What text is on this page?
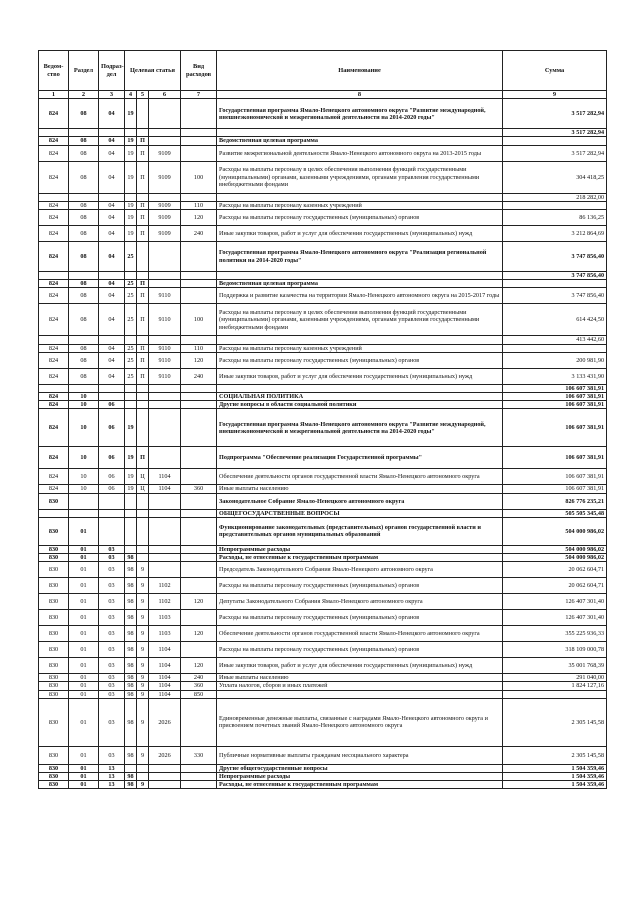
Ведом-ство	Раздел	Подраз-дел	Целевая статья			Вид расходов	Наименование	Сумма
1	2	3	4	5	6	7	8	9
824	08	04	19				Государственная программа Ямало-Ненецкого автономного округа "Развитие международной, внешнеэкономической и межрегиональной деятельности на 2014-2020 годы"	3 517 282,94
								3 517 282,94
824	08	04	19	П			Ведомственная целевая программа	
824	08	04	19	П	9109		Развитие межрегиональной деятельности Ямало-Ненецкого автономного округа на 2013-2015 годы	3 517 282,94
824	08	04	19	П	9109	100	Расходы на выплаты персоналу в целях обеспечения выполнения функций государственными (муниципальными) органами, казенными учреждениями, органами управления государственными внебюджетными фондами	304 418,25
								218 282,00
824	08	04	19	П	9109	110	Расходы на выплаты персоналу казенных учреждений	
824	08	04	19	П	9109	120	Расходы на выплаты персоналу государственных (муниципальных) органов	86 136,25
824	08	04	19	П	9109	240	Иные закупки товаров, работ и услуг для обеспечения государственных (муниципальных) нужд	3 212 864,69
824	08	04	25				Государственная программа Ямало-Ненецкого автономного округа "Реализация региональной политики на 2014-2020 годы"	3 747 856,40
								3 747 856,40
824	08	04	25	П			Ведомственная целевая программа	
824	08	04	25	П	9110		Поддержка и развитие казачества на территории Ямало-Ненецкого автономного округа на 2015-2017 годы	3 747 856,40
824	08	04	25	П	9110	100	Расходы на выплаты персоналу в целях обеспечения выполнения функций государственными (муниципальными) органами, казенными учреждениями, органами управления государственными внебюджетными фондами	614 424,50
								413 442,60
824	08	04	25	П	9110	110	Расходы на выплаты персоналу казенных учреждений	
824	08	04	25	П	9110	120	Расходы на выплаты персоналу государственных (муниципальных) органов	200 981,90
824	08	04	25	П	9110	240	Иные закупки товаров, работ и услуг для обеспечения государственных (муниципальных) нужд	3 133 431,90
								106 607 381,91
824	10						СОЦИАЛЬНАЯ ПОЛИТИКА	106 607 381,91
824	10	06					Другие вопросы в области социальной политики	106 607 381,91
824	10	06	19				Государственная программа Ямало-Ненецкого автономного округа "Развитие международной, внешнеэкономической и межрегиональной деятельности на 2014-2020 годы"	106 607 381,91
824	10	06	19	П			Подпрограмма "Обеспечение реализации Государственной программы"	106 607 381,91
824	10	06	19	Ц	1104		Обеспечение деятельности органов государственной власти Ямало-Ненецкого автономного округа	106 607 381,91
824	10	06	19	Ц	1104	360	Иные выплаты населению	106 607 381,91
830							Законодательное Собрание Ямало-Ненецкого автономного округа	826 776 235,21
							ОБЩЕГОСУДАРСТВЕННЫЕ ВОПРОСЫ	505 505 345,48
830	01						Функционирование законодательных (представительных) органов государственной власти и представительных органов муниципальных образований	504 000 986,02
830	01	03					Непрограммные расходы	504 000 986,02
830	01	03	98				Расходы, не отнесенные к государственным программам	504 000 986,02
830	01	03	98	9			Председатель Законодательного Собрания Ямало-Ненецкого автономного округа	20 062 604,71
830	01	03	98	9	1102		Расходы на выплаты персоналу государственных (муниципальных) органов	20 062 604,71
830	01	03	98	9	1102	120	Депутаты Законодательного Собрания Ямало-Ненецкого автономного округа	126 407 301,40
830	01	03	98	9	1103		Расходы на выплаты персоналу государственных (муниципальных) органов	126 407 301,40
830	01	03	98	9	1103	120	Обеспечение деятельности органов государственной власти Ямало-Ненецкого автономного округа	355 225 936,33
830	01	03	98	9	1104		Расходы на выплаты персоналу государственных (муниципальных) органов	318 109 000,78
830	01	03	98	9	1104	120	Иные закупки товаров, работ и услуг для обеспечения государственных (муниципальных) нужд	35 001 768,39
830	01	03	98	9	1104	240	Иные выплаты населению	291 040,00
830	01	03	98	9	1104	360	Уплата налогов, сборов и иных платежей	1 824 127,16
830	01	03	98	9	1104	850		
830	01	03	98	9	2026		Единовременные денежные выплаты, связанные с наградами Ямало-Ненецкого автономного округа и присвоением почетных званий Ямало-Ненецкого автономного округа	2 305 145,58
830	01	03	98	9	2026	330	Публичные нормативные выплаты гражданам несоциального характера	2 305 145,58
830	01	13					Другие общегосударственные вопросы	1 504 359,46
830	01	13	98				Непрограммные расходы	1 504 359,46
830	01	13	98	9			Расходы, не отнесенные к государственным программам	1 504 359,46
